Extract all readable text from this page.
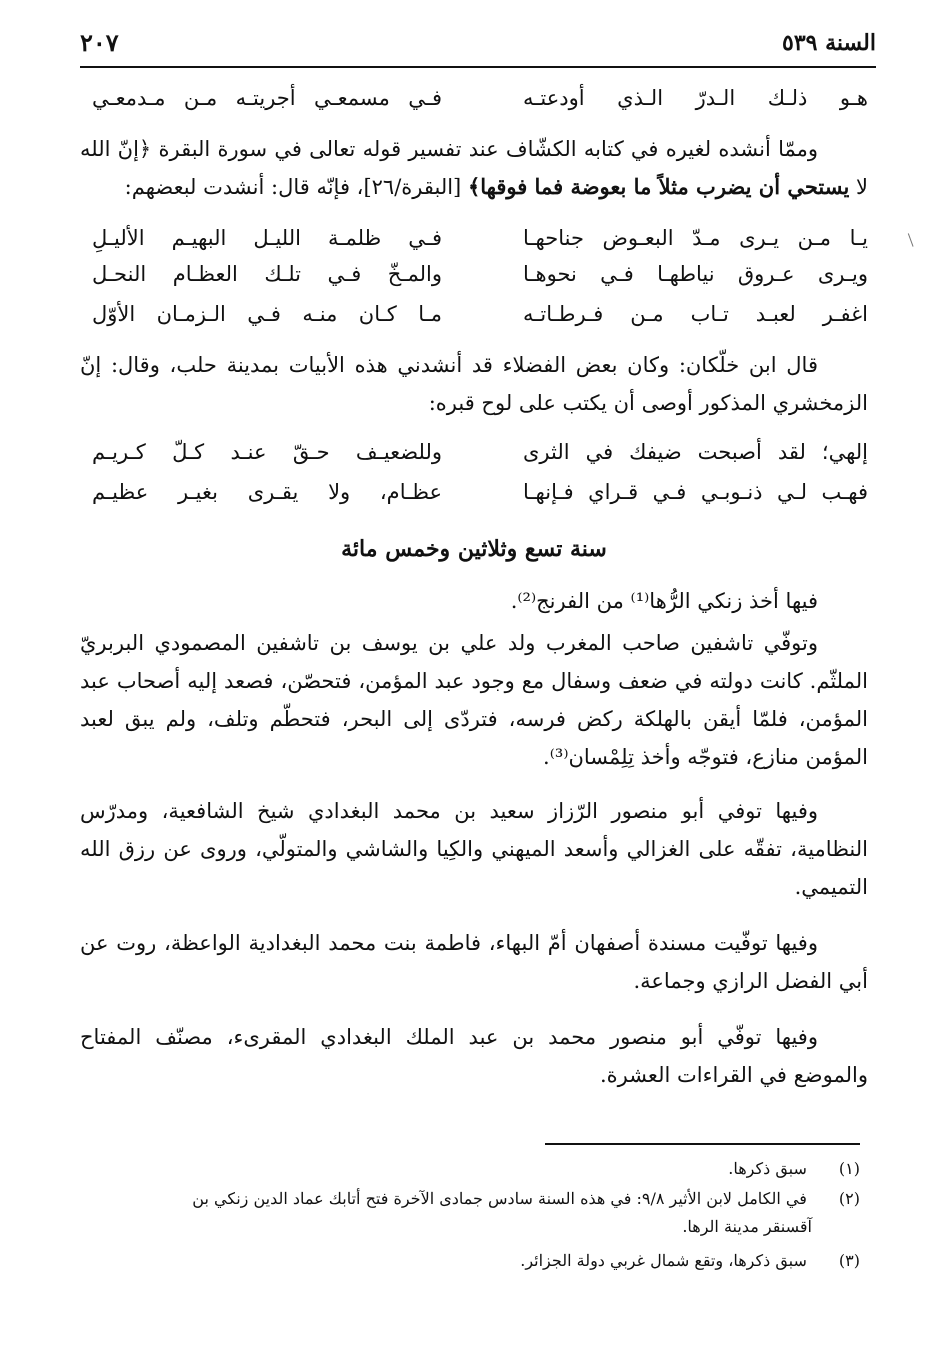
السنة ٥٣٩
٢٠٧
هـو ذلـك الـدرّ الـذي أودعتـه
فـي مسمعـي أجريتـه مـن مـدمعـي

وممّا أنشده لغيره في كتابه الكشّاف عند تفسير قوله تعالى في سورة البقرة ﴿إنّ الله لا يستحي أن يضرب مثلاً ما بعوضة فما فوقها﴾ [البقرة/٢٦]، فإنّه قال: أنشدت لبعضهم:

يـا مـن يـرى مـدّ البعـوض جناحهـا
فـي ظلمـة الليـل البهيـم الأليـلِ
ويـرى عـروق نياطهـا فـي نحوهـا
والمـخّ فـي تلـك العظـام النحـل
اغفـر لعبـد تـاب مـن فـرطـاتـه
مـا كـان منـه فـي الـزمـان الأوّل

قال ابن خلّكان: وكان بعض الفضلاء قد أنشدني هذه الأبيات بمدينة حلب، وقال: إنّ الزمخشري المذكور أوصى أن يكتب على لوح قبره:

إلهي؛ لقد أصبحت ضيفك في الثرى
وللضعيـف حـقّ عنـد كـلّ كـريـم
فهـب لـي ذنـوبـي فـي قـراي فـإنهـا
عظـام، ولا يقـرى بغيـر عظيـم
سنة تسع وثلاثين وخمس مائة

فيها أخذ زنكي الرُّها⁽¹⁾ من الفرنج⁽²⁾.

وتوفّي تاشفين صاحب المغرب ولد علي بن يوسف بن تاشفين المصمودي البربريّ الملثّم. كانت دولته في ضعف وسفال مع وجود عبد المؤمن، فتحصّن، فصعد إليه أصحاب عبد المؤمن، فلمّا أيقن بالهلكة ركض فرسه، فتردّى إلى البحر، فتحطّم وتلف، ولم يبق لعبد المؤمن منازع، فتوجّه وأخذ تِلِمْسان⁽³⁾.

وفيها توفي أبو منصور الرّزاز سعيد بن محمد البغدادي شيخ الشافعية، ومدرّس النظامية، تفقّه على الغزالي وأسعد الميهني والكِيا والشاشي والمتولّي، وروى عن رزق الله التميمي.

وفيها توفّيت مسندة أصفهان أمّ البهاء، فاطمة بنت محمد البغدادية الواعظة، روت عن أبي الفضل الرازي وجماعة.

وفيها توفّي أبو منصور محمد بن عبد الملك البغدادي المقرىء، مصنّف المفتاح والموضع في القراءات العشرة.

(١) سبق ذكرها.
(٢) في الكامل لابن الأثير ٩/٨: في هذه السنة سادس جمادى الآخرة فتح أتابك عماد الدين زنكي بن
آقسنقر مدينة الرها.
(٣) سبق ذكرها، وتقع شمال غربي دولة الجزائر.
